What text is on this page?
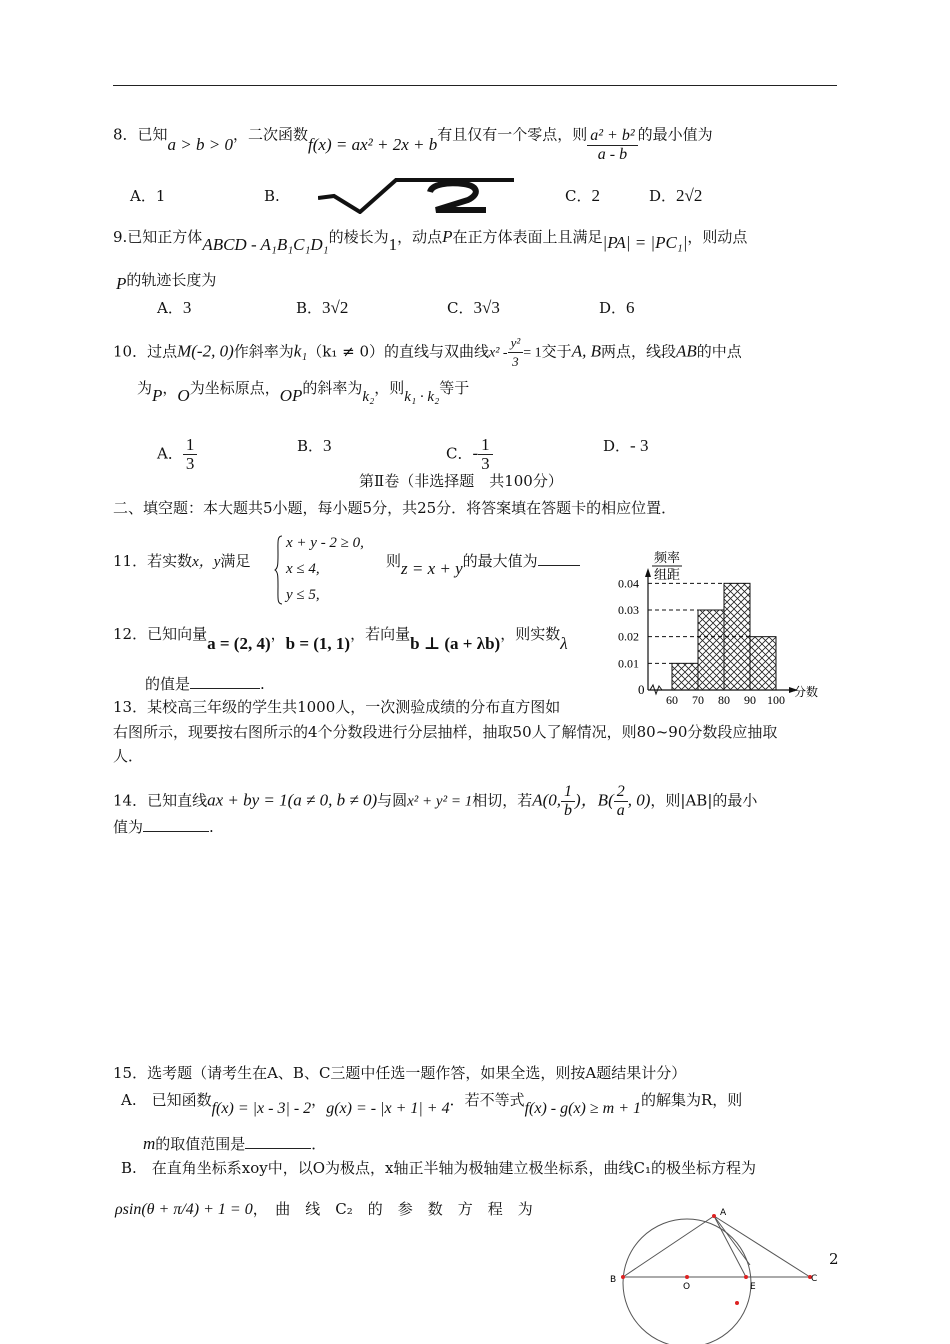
8．已知a > b > 0，二次函数f(x) = ax² + 2x + b有且仅有一个零点，则 $\frac{\text{a² + b²}}{a - b}$ 的最小值为
A．1	B.	C．2	D．2√2
9.已知正方体ABCD - A₁B₁C₁D₁的棱长为1，动点P在正方体表面上且满足|PA| = |PC₁|，则动点
P的轨迹长度为
A．3	B．3√2	C．3√3	D．6
10．过点M(-2, 0)作斜率为k₁（k₁ ≠ 0）的直线与双曲线$x^2 - \frac{\text{y²}}{3} = 1$交于A, B两点，线段AB的中点
为P，O为坐标原点，OP的斜率为k₂，则k₁ · k₂等于
A． $\frac{1}{3}$	B．3	C．- $\frac{1}{3}$	D．- 3
第Ⅱ卷（非选择题　共100分）
二、填空题：本大题共5小题，每小题5分，共25分．将答案填在答题卡的相应位置．
11．若实数x，y满足
x + y - 2 ≥ 0,
x ≤ 4,
y ≤ 5,
则z = x + y的最大值为
12．已知向量a = (2, 4)，b = (1, 1)，若向量b ⊥ (a + λb)，则实数λ
的值是	.
13．某校高三年级的学生共1000人，一次测验成绩的分布直方图如
右图所示，现要按右图所示的4个分数段进行分层抽样，抽取50人了解情况，则80~90分数段应抽取
人．
频率
组距
0	分数
0.01
0.02
0.03
0.04
60 70 80 90 100
14．已知直线ax + by = 1(a ≠ 0, b ≠ 0)与圆x² + y² = 1相切，若A(0, $\frac{1}{b}$ )，$B( \frac{2}{a}$ , 0)，则|AB|的最小
值为	.
15．选考题（请考生在A、B、C三题中任选一题作答，如果全选，则按A题结果计分）
A.　已知函数f(x) = |x - 3| - 2，g(x) = - |x + 1| + 4．若不等式f(x) - g(x) ≥ m + 1的解集为R，则
m的取值范围是	．
B.　在直角坐标系xoy中，以O为极点，x轴正半轴为极轴建立极坐标系，曲线C₁的极坐标方程为
ρsin(θ + π/4) + 1 = 0，　曲　线　C₂　的　参　数　方　程　为	A
B
O	E
C
2
